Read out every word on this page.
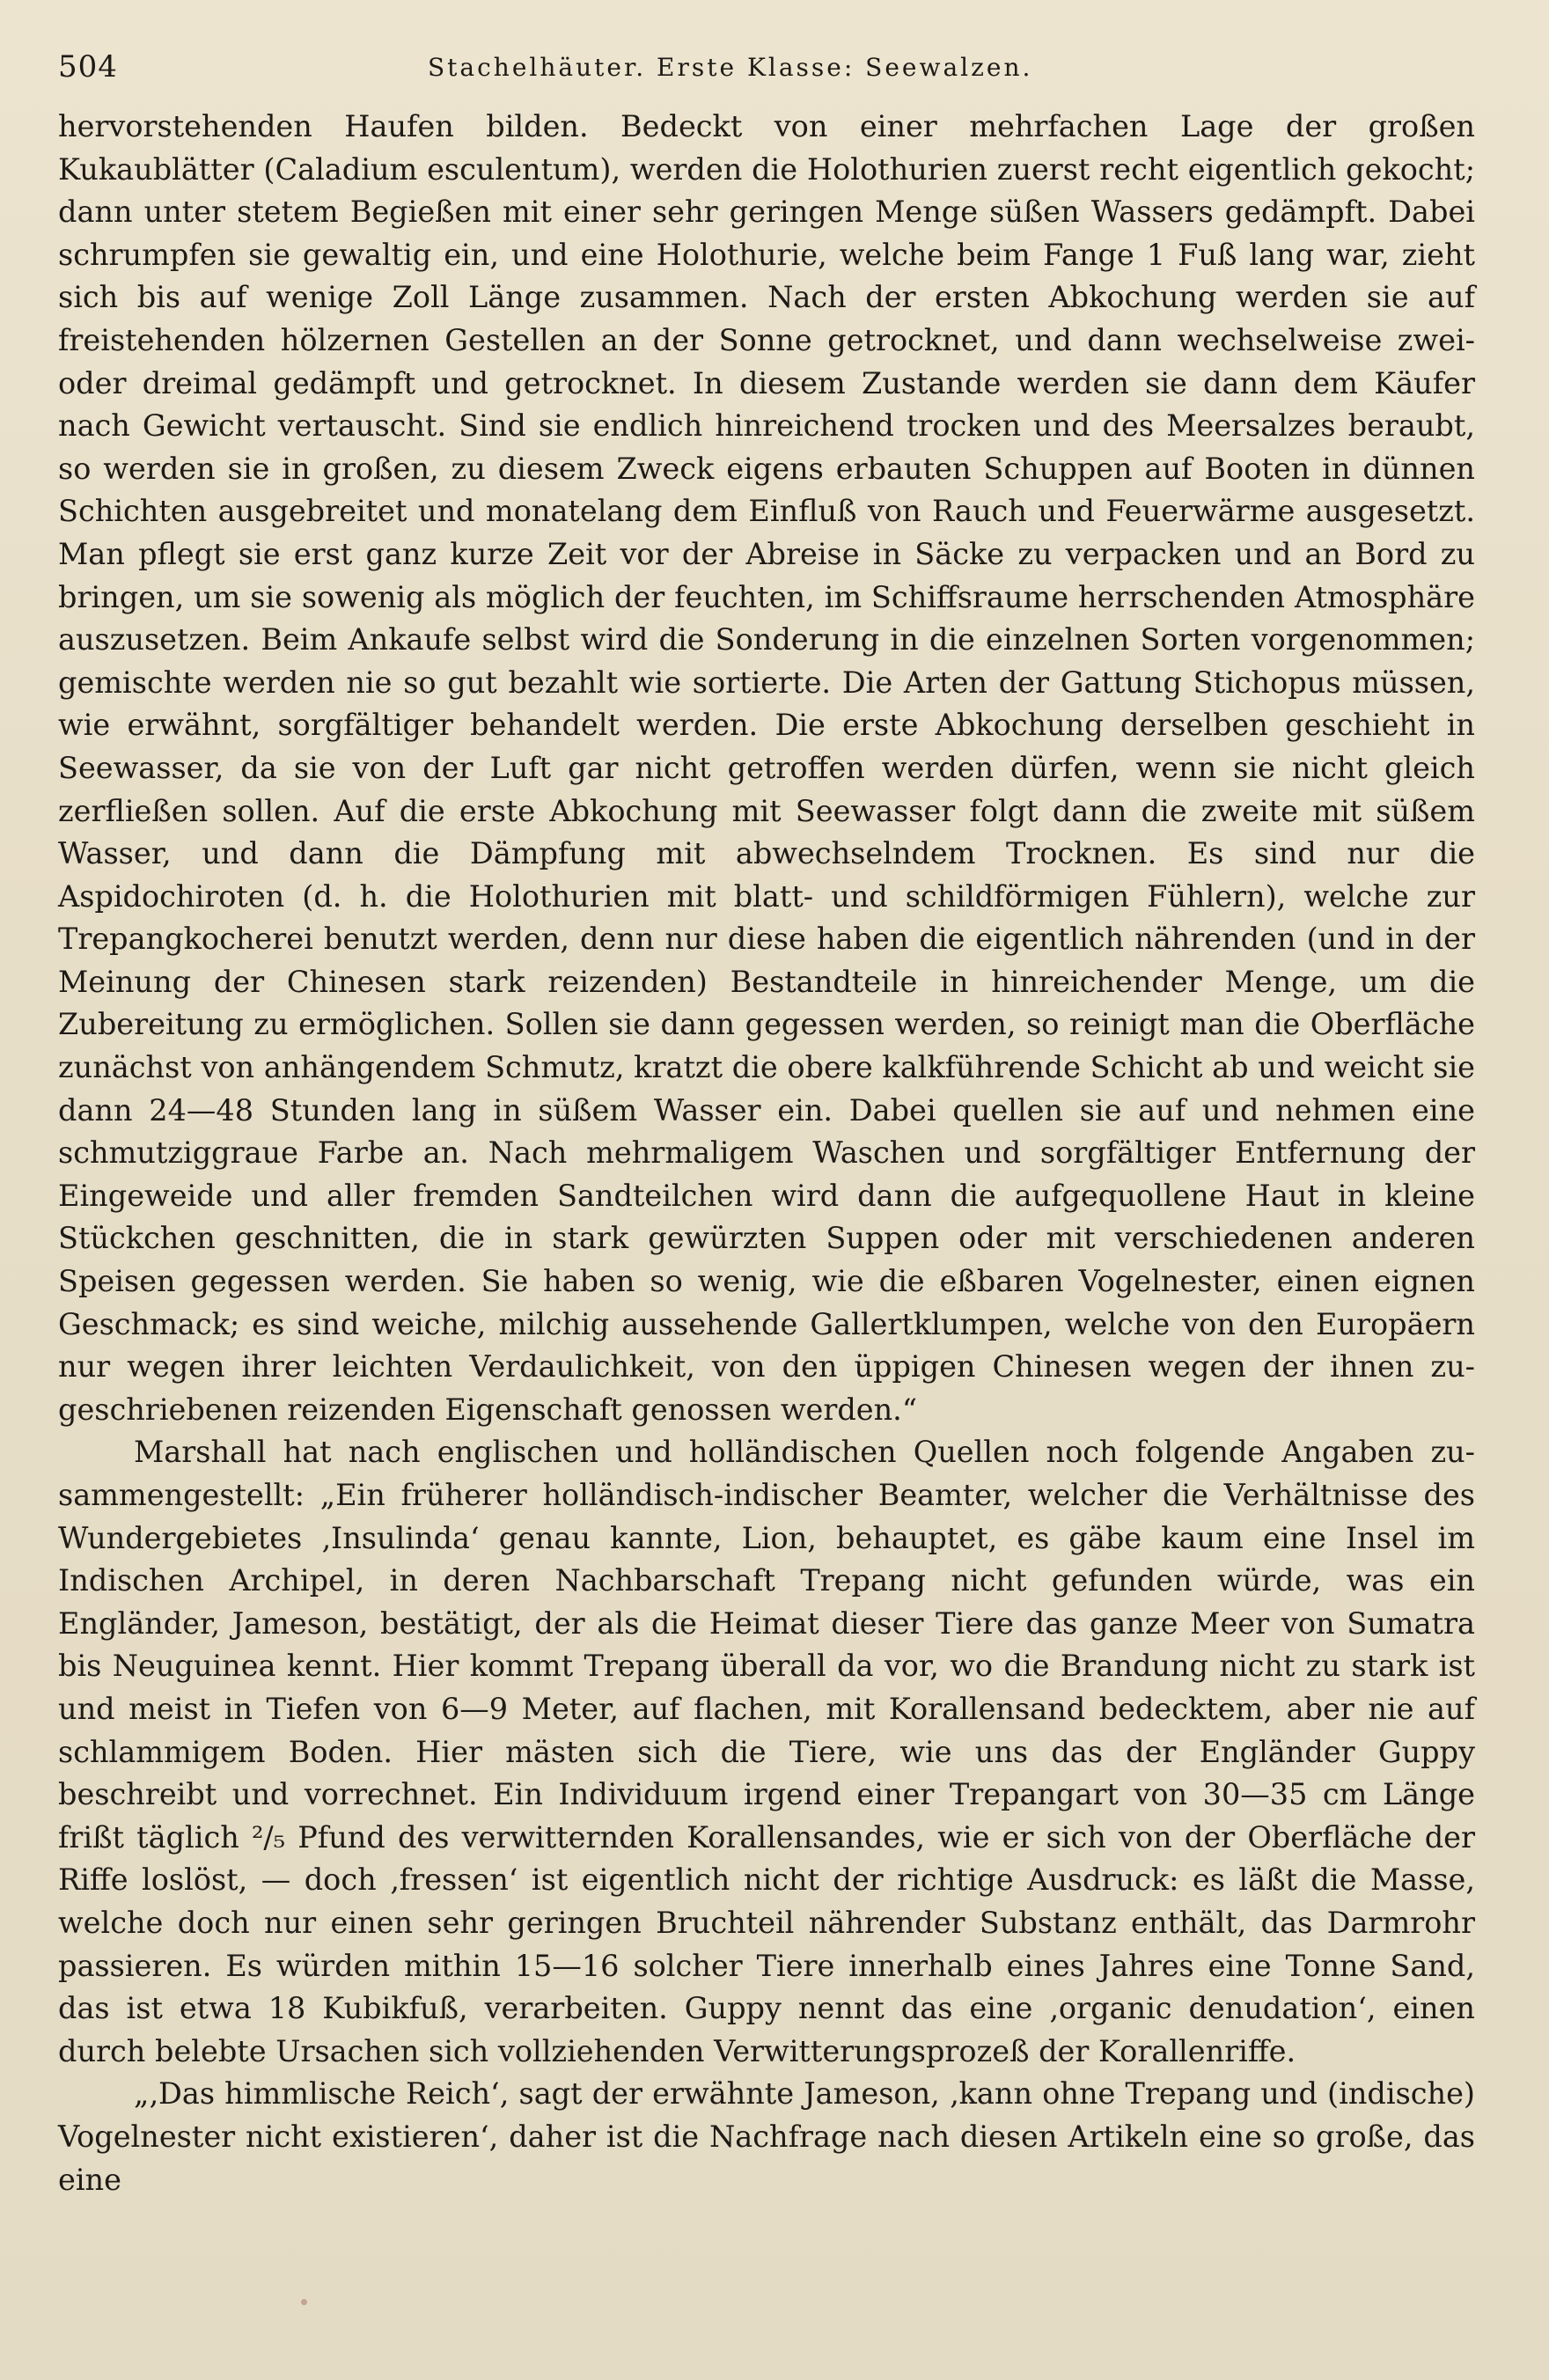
504	Stachelhäuter. Erste Klasse: Seewalzen.

hervorstehenden Haufen bilden. Bedeckt von einer mehrfachen Lage der großen Kukaublätter (Caladium esculentum), werden die Holothurien zuerst recht eigentlich gekocht; dann unter stetem Begießen mit einer sehr geringen Menge süßen Wassers gedämpft. Dabei schrumpfen sie gewaltig ein, und eine Holothurie, welche beim Fange 1 Fuß lang war, zieht sich bis auf wenige Zoll Länge zusammen. Nach der ersten Abkochung werden sie auf freistehenden hölzernen Gestellen an der Sonne getrocknet, und dann wechselweise zwei- oder dreimal gedämpft und getrocknet. In diesem Zustande werden sie dann dem Käufer nach Gewicht vertauscht. Sind sie endlich hinreichend trocken und des Meersalzes beraubt, so werden sie in großen, zu diesem Zweck eigens erbauten Schuppen auf Booten in dünnen Schichten ausgebreitet und monatelang dem Einfluß von Rauch und Feuerwärme ausgesetzt. Man pflegt sie erst ganz kurze Zeit vor der Abreise in Säcke zu verpacken und an Bord zu bringen, um sie sowenig als möglich der feuchten, im Schiffsraume herrschenden Atmosphäre auszusetzen. Beim Ankaufe selbst wird die Sonderung in die einzelnen Sorten vorgenommen; gemischte werden nie so gut bezahlt wie sortierte. Die Arten der Gattung Stichopus müssen, wie erwähnt, sorgfältiger behandelt werden. Die erste Abkochung derselben geschieht in Seewasser, da sie von der Luft gar nicht getroffen werden dürfen, wenn sie nicht gleich zerfließen sollen. Auf die erste Abkochung mit Seewasser folgt dann die zweite mit süßem Wasser, und dann die Dämpfung mit abwechselndem Trocknen. Es sind nur die Aspidochiroten (d. h. die Holothurien mit blatt- und schildförmigen Fühlern), welche zur Trepangkocherei benutzt werden, denn nur diese haben die eigentlich nährenden (und in der Meinung der Chinesen stark reizenden) Bestandteile in hinreichender Menge, um die Zubereitung zu ermöglichen. Sollen sie dann gegessen werden, so reinigt man die Oberfläche zunächst von anhängendem Schmutz, kratzt die obere kalkführende Schicht ab und weicht sie dann 24—48 Stunden lang in süßem Wasser ein. Dabei quellen sie auf und nehmen eine schmutziggraue Farbe an. Nach mehrmaligem Waschen und sorgfältiger Entfernung der Eingeweide und aller fremden Sandteilchen wird dann die aufgequollene Haut in kleine Stückchen geschnitten, die in stark gewürzten Suppen oder mit verschiedenen anderen Speisen gegessen werden. Sie haben so wenig, wie die eßbaren Vogelnester, einen eignen Geschmack; es sind weiche, milchig aussehende Gallertklumpen, welche von den Europäern nur wegen ihrer leichten Verdaulichkeit, von den üppigen Chinesen wegen der ihnen zugeschriebenen reizenden Eigenschaft genossen werden.“

Marshall hat nach englischen und holländischen Quellen noch folgende Angaben zusammengestellt: „Ein früherer holländisch-indischer Beamter, welcher die Verhältnisse des Wundergebietes ‚Insulinda‘ genau kannte, Lion, behauptet, es gäbe kaum eine Insel im Indischen Archipel, in deren Nachbarschaft Trepang nicht gefunden würde, was ein Engländer, Jameson, bestätigt, der als die Heimat dieser Tiere das ganze Meer von Sumatra bis Neuguinea kennt. Hier kommt Trepang überall da vor, wo die Brandung nicht zu stark ist und meist in Tiefen von 6—9 Meter, auf flachen, mit Korallensand bedecktem, aber nie auf schlammigem Boden. Hier mästen sich die Tiere, wie uns das der Engländer Guppy beschreibt und vorrechnet. Ein Individuum irgend einer Trepangart von 30—35 cm Länge frißt täglich ²/₅ Pfund des verwitternden Korallensandes, wie er sich von der Oberfläche der Riffe loslöst, — doch ‚fressen‘ ist eigentlich nicht der richtige Ausdruck: es läßt die Masse, welche doch nur einen sehr geringen Bruchteil nährender Substanz enthält, das Darmrohr passieren. Es würden mithin 15—16 solcher Tiere innerhalb eines Jahres eine Tonne Sand, das ist etwa 18 Kubikfuß, verarbeiten. Guppy nennt das eine ‚organic denudation‘, einen durch belebte Ursachen sich vollziehenden Verwitterungsprozeß der Korallenriffe.

„‚Das himmlische Reich‘, sagt der erwähnte Jameson, ‚kann ohne Trepang und (indische) Vogelnester nicht existieren‘, daher ist die Nachfrage nach diesen Artikeln eine so große, das eine
